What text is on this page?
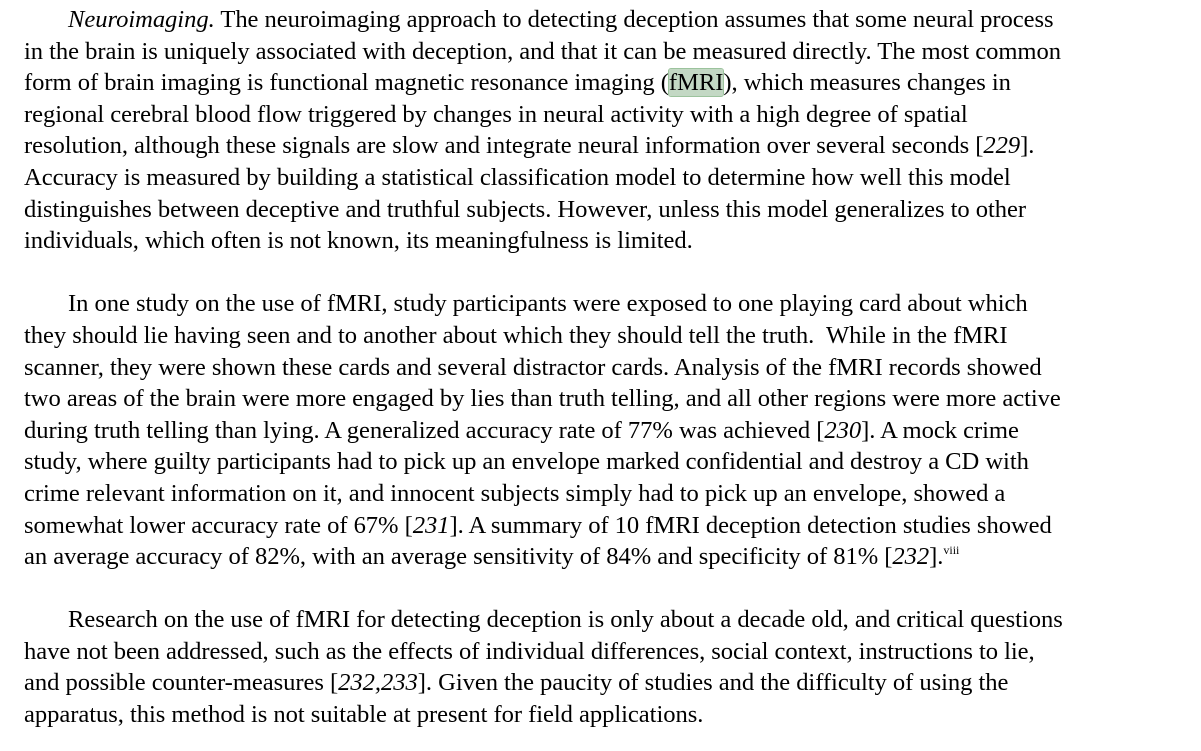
Neuroimaging. The neuroimaging approach to detecting deception assumes that some neural process
in the brain is uniquely associated with deception, and that it can be measured directly. The most common
form of brain imaging is functional magnetic resonance imaging (fMRI), which measures changes in
regional cerebral blood flow triggered by changes in neural activity with a high degree of spatial
resolution, although these signals are slow and integrate neural information over several seconds [229].
Accuracy is measured by building a statistical classification model to determine how well this model
distinguishes between deceptive and truthful subjects. However, unless this model generalizes to other
individuals, which often is not known, its meaningfulness is limited.
In one study on the use of fMRI, study participants were exposed to one playing card about which
they should lie having seen and to another about which they should tell the truth.  While in the fMRI
scanner, they were shown these cards and several distractor cards. Analysis of the fMRI records showed
two areas of the brain were more engaged by lies than truth telling, and all other regions were more active
during truth telling than lying. A generalized accuracy rate of 77% was achieved [230]. A mock crime
study, where guilty participants had to pick up an envelope marked confidential and destroy a CD with
crime relevant information on it, and innocent subjects simply had to pick up an envelope, showed a
somewhat lower accuracy rate of 67% [231]. A summary of 10 fMRI deception detection studies showed
an average accuracy of 82%, with an average sensitivity of 84% and specificity of 81% [232].$^{viii}$
Research on the use of fMRI for detecting deception is only about a decade old, and critical questions
have not been addressed, such as the effects of individual differences, social context, instructions to lie,
and possible counter-measures [232,233]. Given the paucity of studies and the difficulty of using the
apparatus, this method is not suitable at present for field applications.
